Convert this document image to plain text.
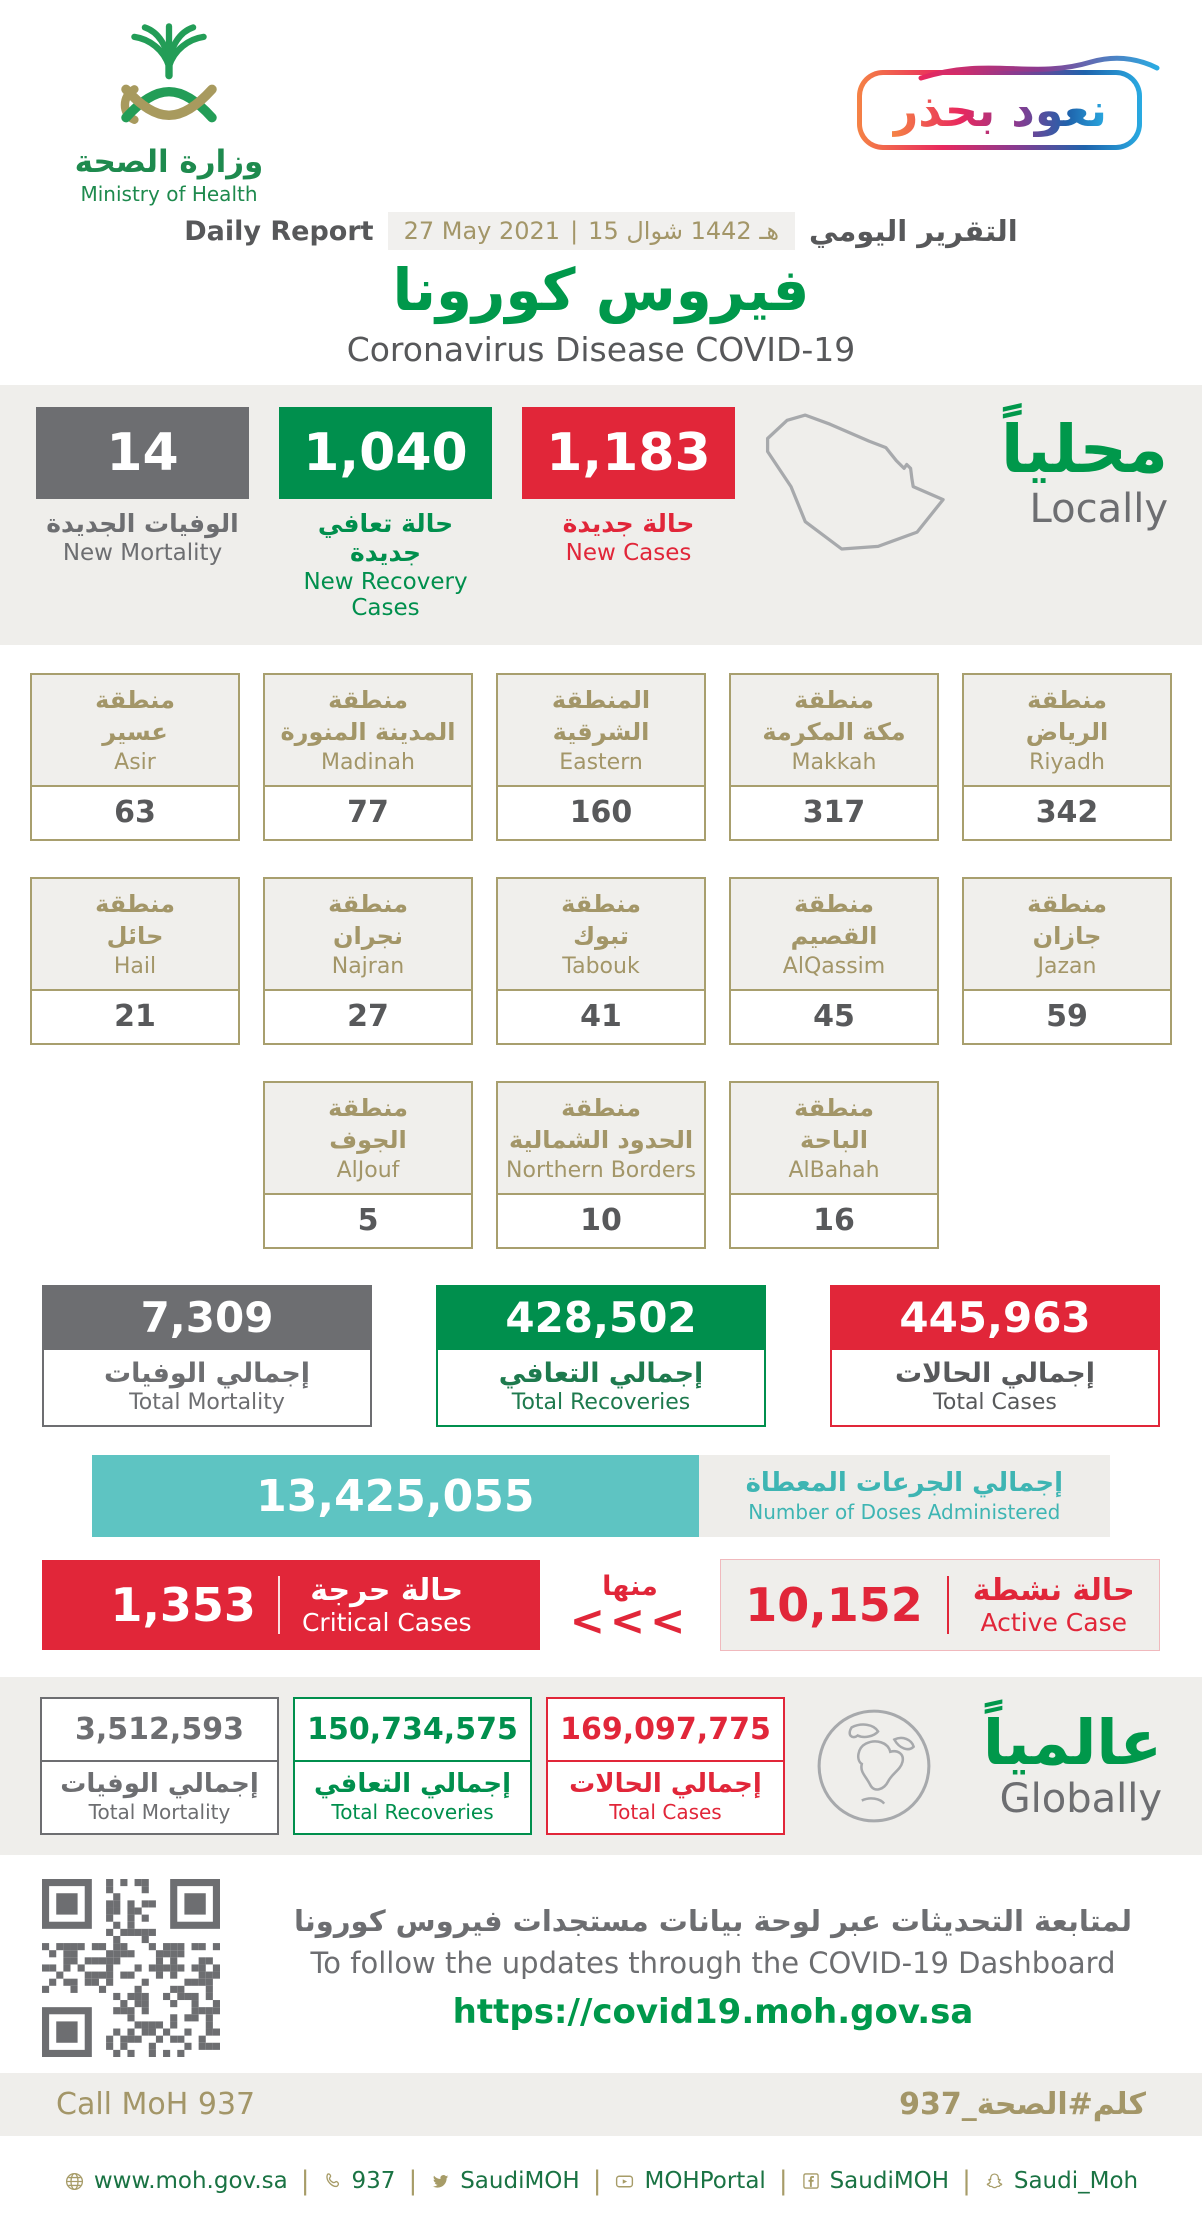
وزارة الصحة
Ministry of Health
نعود بحذر
Daily Report 27 May 2021 | 15 شوال‎ 1442‎ هـ التقرير اليومي
فيروس كورونا
Coronavirus Disease COVID-19
14
الوفيات الجديدة
New Mortality
1,040
حالة تعافي جديدة
New Recovery Cases
1,183
حالة جديدة
New Cases
محلياً
Locally
منطقة
عسير
Asir
63
منطقة
المدينة المنورة
Madinah
77
المنطقة
الشرقية
Eastern
160
منطقة
مكة المكرمة
Makkah
317
منطقة
الرياض
Riyadh
342
منطقة
حائل
Hail
21
منطقة
نجران
Najran
27
منطقة
تبوك
Tabouk
41
منطقة
القصيم
AlQassim
45
منطقة
جازان
Jazan
59
منطقة
الجوف
AlJouf
5
منطقة
الحدود الشمالية
Northern Borders
10
منطقة
الباحة
AlBahah
16
7,309
إجمالي الوفيات
Total Mortality
428,502
إجمالي التعافي
Total Recoveries
445,963
إجمالي الحالات
Total Cases
13,425,055	إجمالي الجرعات المعطاة
Number of Doses Administered
1,353 حالة حرجة
Critical Cases
منها
<<<	10,152 حالة نشطة
Active Case
3,512,593
إجمالي الوفيات
Total Mortality
150,734,575
إجمالي التعافي
Total Recoveries
169,097,775
إجمالي الحالات
Total Cases
عالمياً
Globally
لمتابعة التحديثات عبر لوحة بيانات مستجدات فيروس كورونا
To follow the updates through the COVID-19 Dashboard
https://covid19.moh.gov.sa
Call MoH 937	كلم#الصحة_937
www.moh.gov.sa | 937 | SaudiMOH | MOHPortal | SaudiMOH | Saudi_Moh
